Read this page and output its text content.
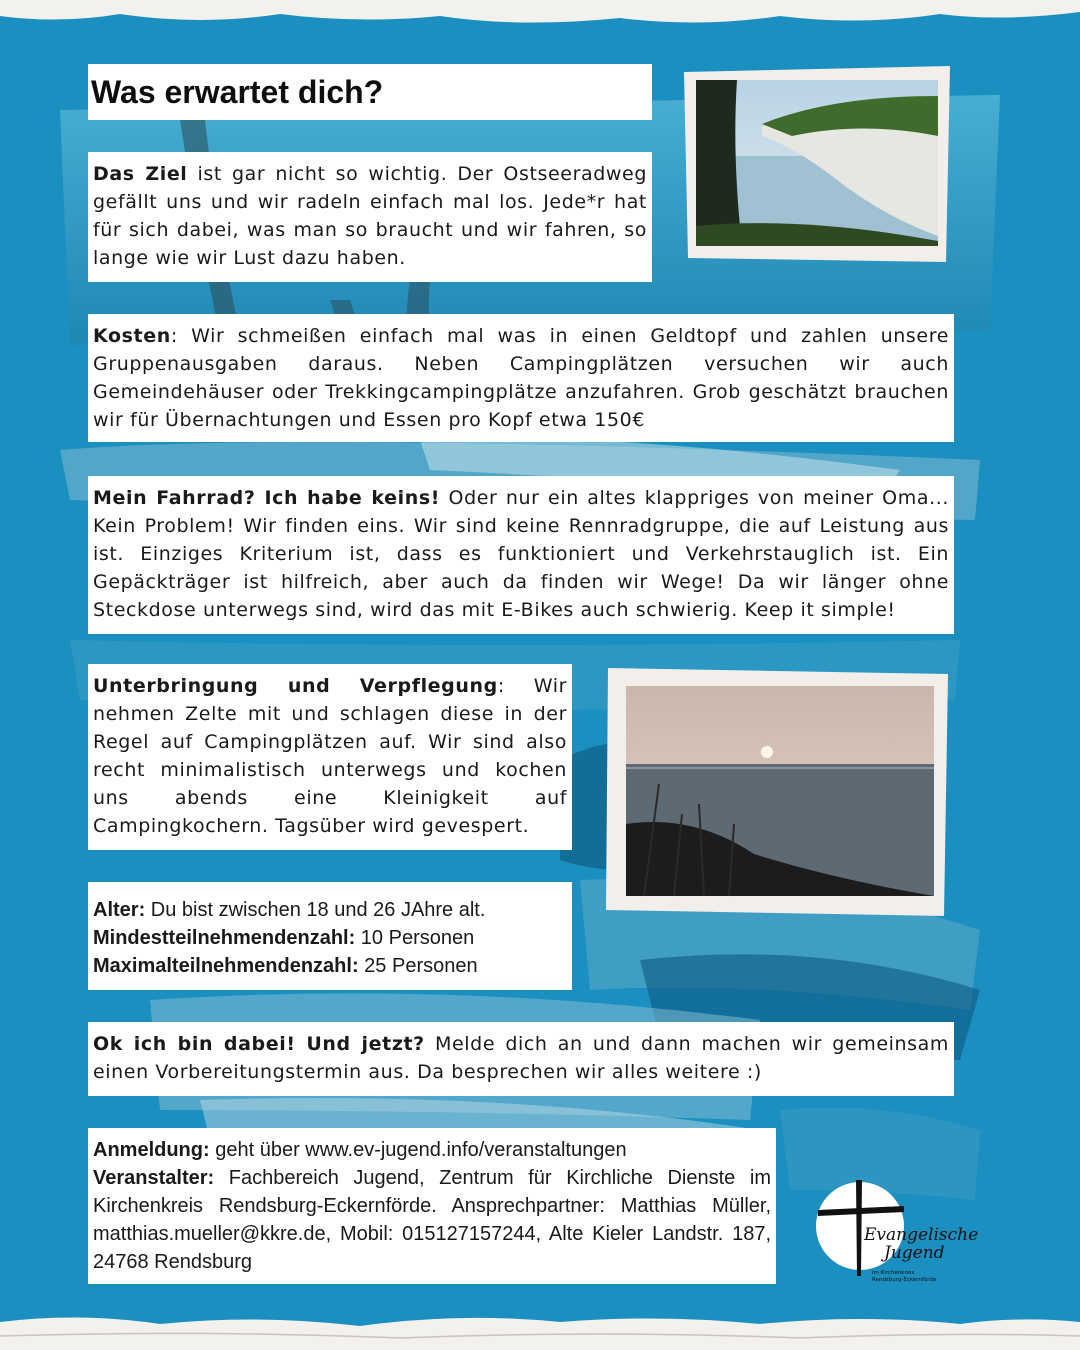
Was erwartet dich?
Das Ziel ist gar nicht so wichtig. Der Ostseeradweg gefällt uns und wir radeln einfach mal los. Jede*r hat für sich dabei, was man so braucht und wir fahren, so lange wie wir Lust dazu haben.
Kosten: Wir schmeißen einfach mal was in einen Geldtopf und zahlen unsere Gruppenausgaben daraus. Neben Campingplätzen versuchen wir auch Gemeindehäuser oder Trekkingcampingplätze anzufahren. Grob geschätzt brauchen wir für Übernachtungen und Essen pro Kopf etwa 150€
Mein Fahrrad? Ich habe keins! Oder nur ein altes klappriges von meiner Oma... Kein Problem! Wir finden eins. Wir sind keine Rennradgruppe, die auf Leistung aus ist. Einziges Kriterium ist, dass es funktioniert und Verkehrstauglich ist. Ein Gepäckträger ist hilfreich, aber auch da finden wir Wege! Da wir länger ohne Steckdose unterwegs sind, wird das mit E-Bikes auch schwierig. Keep it simple!
Unterbringung und Verpflegung: Wir nehmen Zelte mit und schlagen diese in der Regel auf Campingplätzen auf. Wir sind also recht minimalistisch unterwegs und kochen uns abends eine Kleinigkeit auf Campingkochern. Tagsüber wird gevespert.
Alter: Du bist zwischen 18 und 26 JAhre alt.
Mindestteilnehmendenzahl: 10 Personen
Maximalteilnehmendenzahl: 25 Personen
Ok ich bin dabei! Und jetzt? Melde dich an und dann machen wir gemeinsam einen Vorbereitungstermin aus. Da besprechen wir alles weitere :)
Anmeldung: geht über www.ev-jugend.info/veranstaltungen
Veranstalter: Fachbereich Jugend, Zentrum für Kirchliche Dienste im Kirchenkreis Rendsburg-Eckernförde. Ansprechpartner: Matthias Müller, matthias.mueller@kkre.de, Mobil: 015127157244, Alte Kieler Landstr. 187, 24768 Rendsburg
Evangelische
Jugend
im Kirchenkreis
Rendsburg-Eckernförde
